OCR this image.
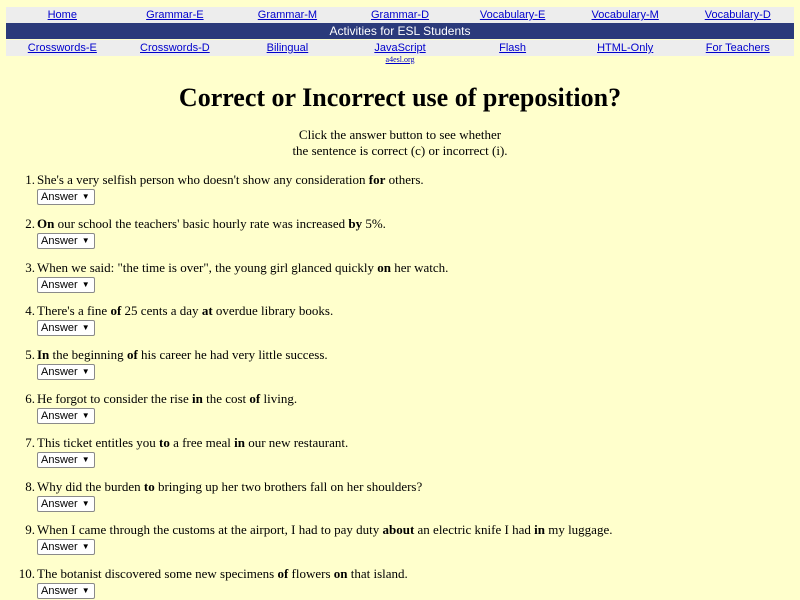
Home	Grammar-E	Grammar-M	Grammar-D	Vocabulary-E	Vocabulary-M	Vocabulary-D
Activities for ESL Students
Crosswords-E	Crosswords-D	Bilingual	JavaScript	Flash	HTML-Only	For Teachers
a4esl.org
Correct or Incorrect use of preposition?
Click the answer button to see whether
the sentence is correct (c) or incorrect (i).
1. She's a very selfish person who doesn't show any consideration for others.
Answer ▼
2. On our school the teachers' basic hourly rate was increased by 5%.
Answer ▼
3. When we said: "the time is over", the young girl glanced quickly on her watch.
Answer ▼
4. There's a fine of 25 cents a day at overdue library books.
Answer ▼
5. In the beginning of his career he had very little success.
Answer ▼
6. He forgot to consider the rise in the cost of living.
Answer ▼
7. This ticket entitles you to a free meal in our new restaurant.
Answer ▼
8. Why did the burden to bringing up her two brothers fall on her shoulders?
Answer ▼
9. When I came through the customs at the airport, I had to pay duty about an electric knife I had in my luggage.
Answer ▼
10. The botanist discovered some new specimens of flowers on that island.
Answer ▼
